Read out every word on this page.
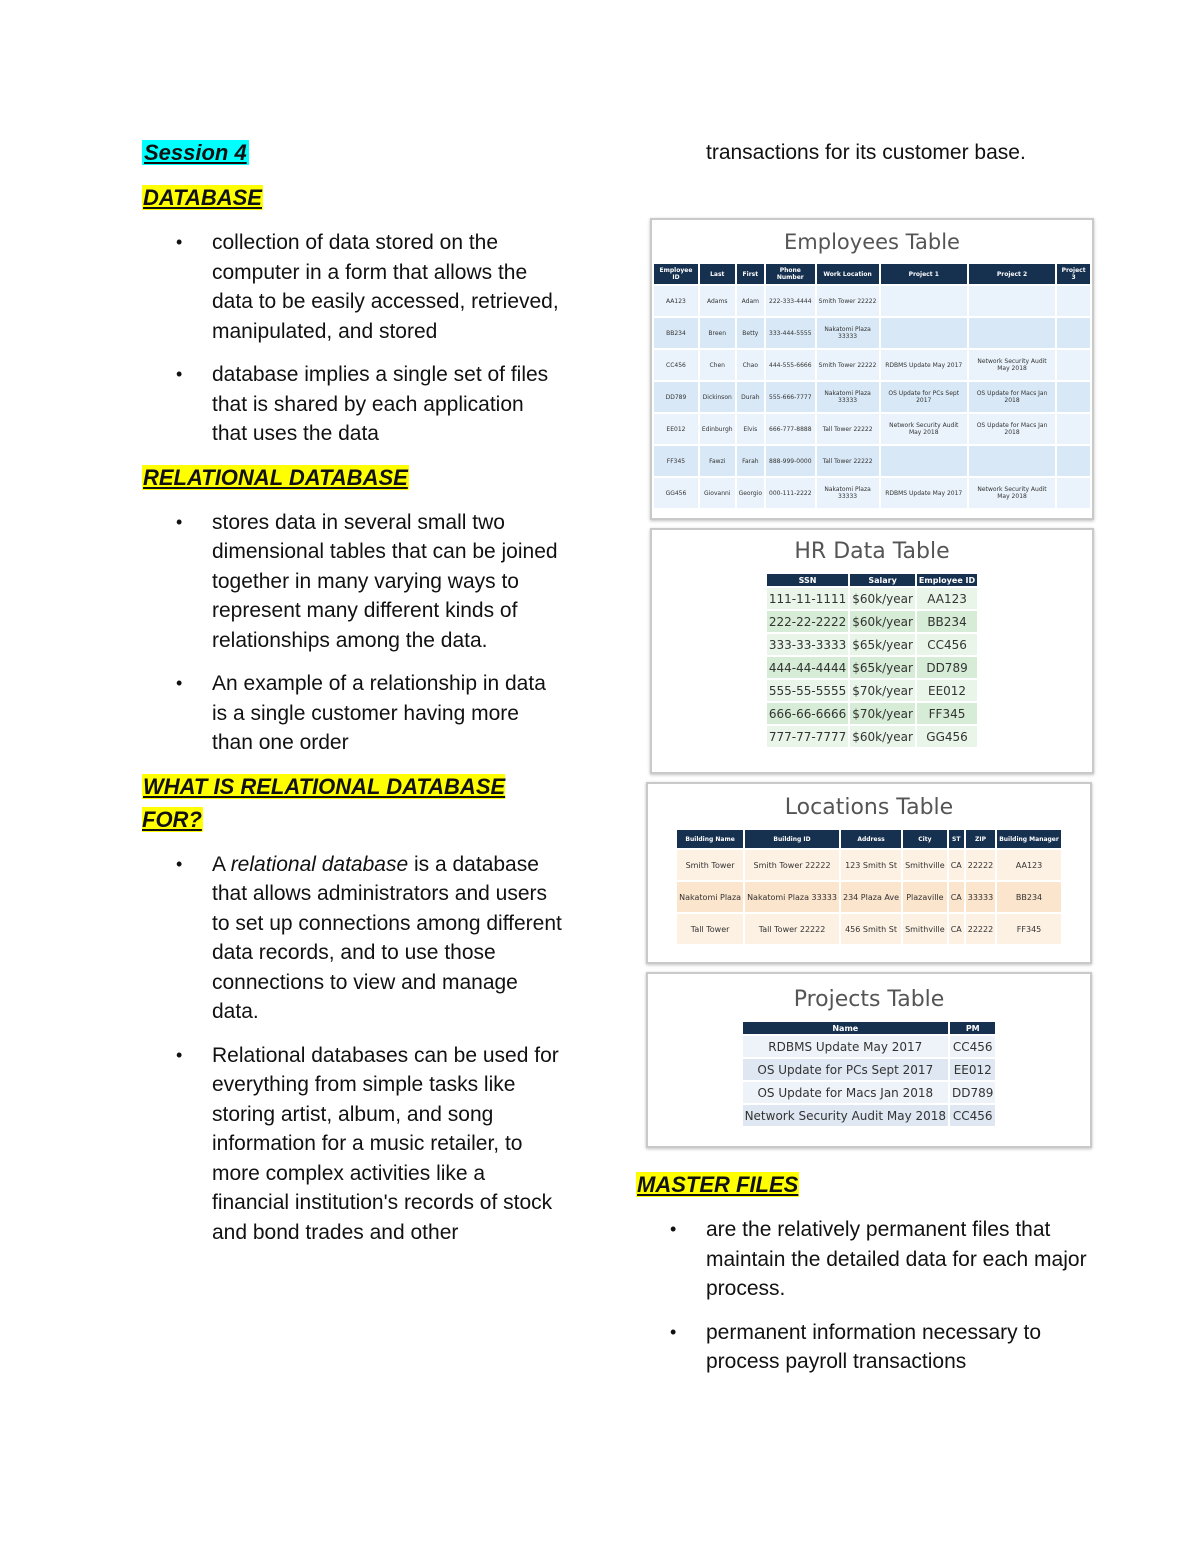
Session 4

DATABASE

• collection of data stored on the computer in a form that allows the data to be easily accessed, retrieved, manipulated, and stored
• database implies a single set of files that is shared by each application that uses the data

RELATIONAL DATABASE

• stores data in several small two dimensional tables that can be joined together in many varying ways to represent many different kinds of relationships among the data.
• An example of a relationship in data is a single customer having more than one order

WHAT IS RELATIONAL DATABASE FOR?

• A relational database is a database that allows administrators and users to set up connections among different data records, and to use those connections to view and manage data.
• Relational databases can be used for everything from simple tasks like storing artist, album, and song information for a music retailer, to more complex activities like a financial institution's records of stock and bond trades and other

transactions for its customer base.

Employees Table
Employee ID	Last	First	Phone Number	Work Location	Project 1	Project 2	Project 3
AA123	Adams	Adam	222-333-4444	Smith Tower 22222			
BB234	Breen	Betty	333-444-5555	Nakatomi Plaza 33333			
CC456	Chen	Chao	444-555-6666	Smith Tower 22222	RDBMS Update May 2017	Network Security Audit May 2018	
DD789	Dickinson	Durah	555-666-7777	Nakatomi Plaza 33333	OS Update for PCs Sept 2017	OS Update for Macs Jan 2018	
EE012	Edinburgh	Elvis	666-777-8888	Tall Tower 22222	Network Security Audit May 2018	OS Update for Macs Jan 2018	
FF345	Fawzi	Farah	888-999-0000	Tall Tower 22222			
GG456	Giovanni	Georgio	000-111-2222	Nakatomi Plaza 33333	RDBMS Update May 2017	Network Security Audit May 2018	
HR Data Table
SSN	Salary	Employee ID
111-11-1111	$60k/year	AA123
222-22-2222	$60k/year	BB234
333-33-3333	$65k/year	CC456
444-44-4444	$65k/year	DD789
555-55-5555	$70k/year	EE012
666-66-6666	$70k/year	FF345
777-77-7777	$60k/year	GG456
Locations Table
Building Name	Building ID	Address	City	ST	ZIP	Building Manager
Smith Tower	Smith Tower 22222	123 Smith St	Smithville	CA	22222	AA123
Nakatomi Plaza	Nakatomi Plaza 33333	234 Plaza Ave	Plazaville	CA	33333	BB234
Tall Tower	Tall Tower 22222	456 Smith St	Smithville	CA	22222	FF345
Projects Table
Name	PM
RDBMS Update May 2017	CC456
OS Update for PCs Sept 2017	EE012
OS Update for Macs Jan 2018	DD789
Network Security Audit May 2018	CC456

MASTER FILES

• are the relatively permanent files that maintain the detailed data for each major process.
• permanent information necessary to process payroll transactions
